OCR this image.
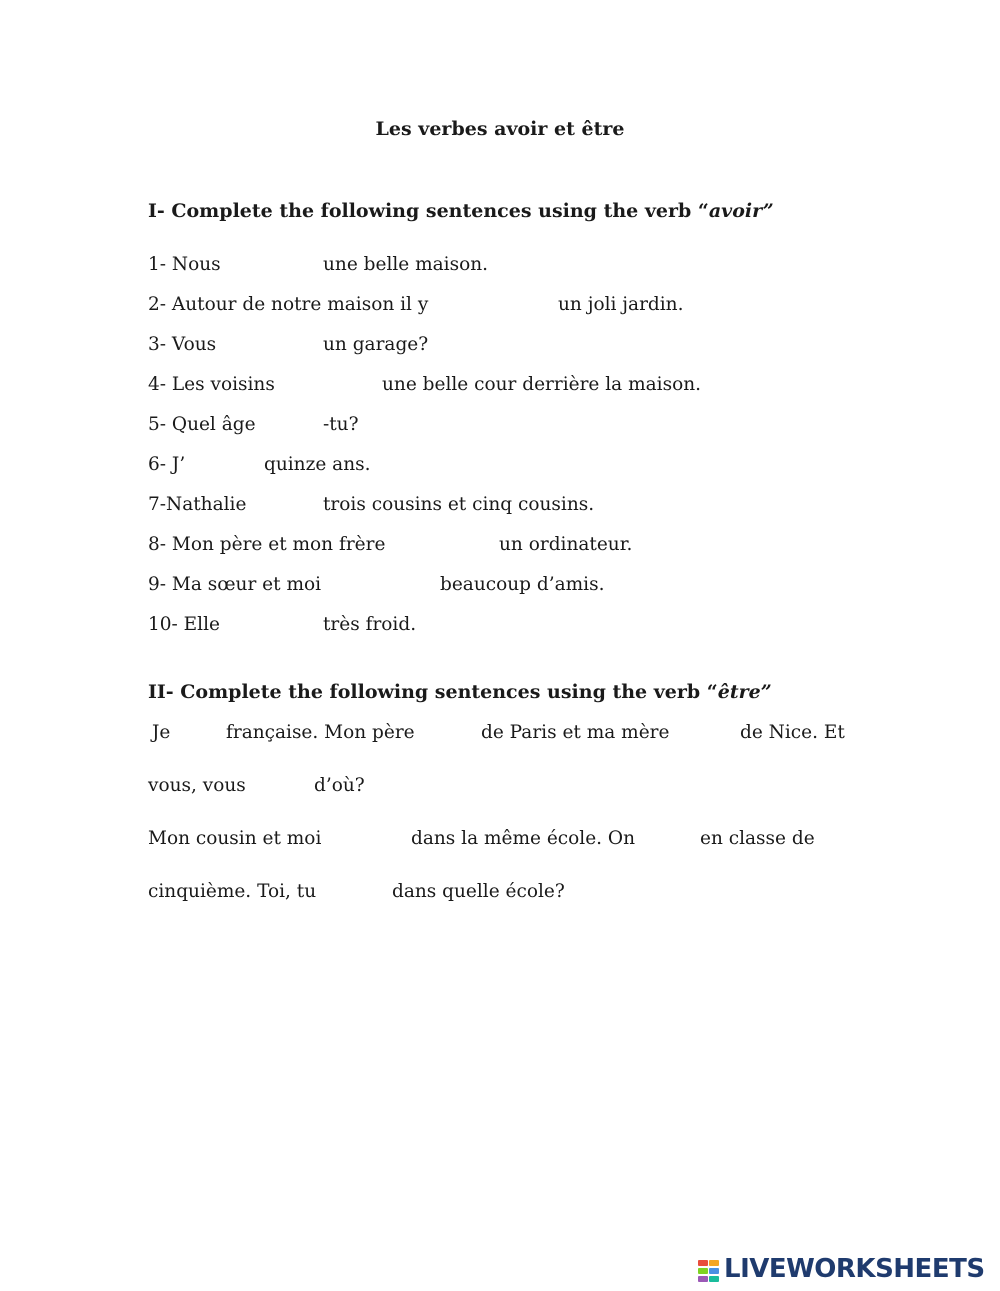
Les verbes avoir et être
I- Complete the following sentences using the verb “avoir”
1- Nous	une belle maison.
2- Autour de notre maison il y	un joli jardin.
3- Vous	un garage?
4- Les voisins	une belle cour derrière la maison.
5- Quel âge	-tu?
6- J’	quinze ans.
7-Nathalie	trois cousins et cinq cousins.
8- Mon père et mon frère	un ordinateur.
9- Ma sœur et moi	beaucoup d’amis.
10- Elle	très froid.
II- Complete the following sentences using the verb “être”
Je	française. Mon père	de Paris et ma mère	de Nice. Et
vous, vous	d’où?
Mon cousin et moi	dans la même école. On	en classe de
cinquième. Toi, tu	dans quelle école?
LIVEWORKSHEETS
